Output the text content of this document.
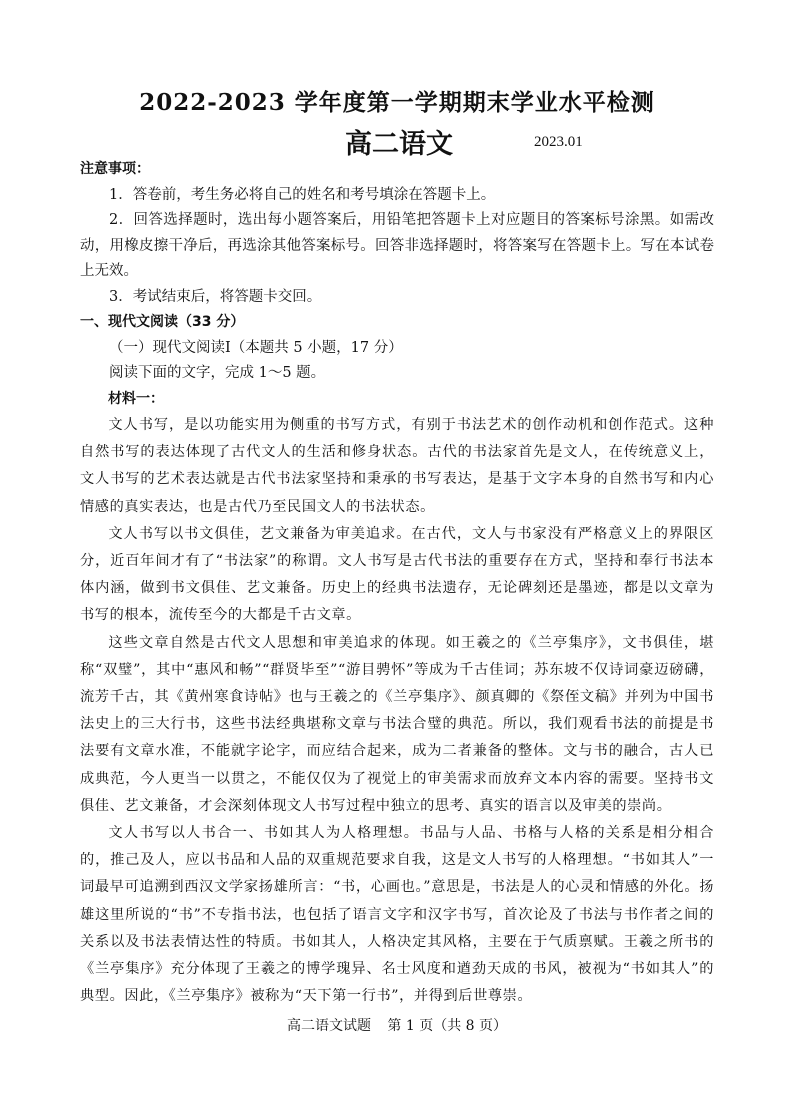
2022-2023 学年度第一学期期末学业水平检测
高二语文	2023.01

注意事项：

1．答卷前，考生务必将自己的姓名和考号填涂在答题卡上。

2．回答选择题时，选出每小题答案后，用铅笔把答题卡上对应题目的答案标号涂黑。如需改动，用橡皮擦干净后，再选涂其他答案标号。回答非选择题时，将答案写在答题卡上。写在本试卷上无效。

3．考试结束后，将答题卡交回。

一、现代文阅读（33 分）

（一）现代文阅读Ⅰ（本题共 5 小题，17 分）

阅读下面的文字，完成 1～5 题。

材料一：

文人书写，是以功能实用为侧重的书写方式，有别于书法艺术的创作动机和创作范式。这种自然书写的表达体现了古代文人的生活和修身状态。古代的书法家首先是文人，在传统意义上，文人书写的艺术表达就是古代书法家坚持和秉承的书写表达，是基于文字本身的自然书写和内心情感的真实表达，也是古代乃至民国文人的书法状态。

文人书写以书文俱佳，艺文兼备为审美追求。在古代，文人与书家没有严格意义上的界限区分，近百年间才有了“书法家”的称谓。文人书写是古代书法的重要存在方式，坚持和奉行书法本体内涵，做到书文俱佳、艺文兼备。历史上的经典书法遗存，无论碑刻还是墨迹，都是以文章为书写的根本，流传至今的大都是千古文章。

这些文章自然是古代文人思想和审美追求的体现。如王羲之的《兰亭集序》，文书俱佳，堪称“双璧”，其中“惠风和畅”“群贤毕至”“游目骋怀”等成为千古佳词；苏东坡不仅诗词豪迈磅礴，流芳千古，其《黄州寒食诗帖》也与王羲之的《兰亭集序》、颜真卿的《祭侄文稿》并列为中国书法史上的三大行书，这些书法经典堪称文章与书法合璧的典范。所以，我们观看书法的前提是书法要有文章水准，不能就字论字，而应结合起来，成为二者兼备的整体。文与书的融合，古人已成典范，今人更当一以贯之，不能仅仅为了视觉上的审美需求而放弃文本内容的需要。坚持书文俱佳、艺文兼备，才会深刻体现文人书写过程中独立的思考、真实的语言以及审美的崇尚。

文人书写以人书合一、书如其人为人格理想。书品与人品、书格与人格的关系是相分相合的，推己及人，应以书品和人品的双重规范要求自我，这是文人书写的人格理想。“书如其人”一词最早可追溯到西汉文学家扬雄所言：“书，心画也。”意思是，书法是人的心灵和情感的外化。扬雄这里所说的“书”不专指书法，也包括了语言文字和汉字书写，首次论及了书法与书作者之间的关系以及书法表情达性的特质。书如其人，人格决定其风格，主要在于气质禀赋。王羲之所书的《兰亭集序》充分体现了王羲之的博学瑰异、名士风度和遒劲天成的书风，被视为“书如其人”的典型。因此，《兰亭集序》被称为“天下第一行书”，并得到后世尊崇。

高二语文试题 第 1 页（共 8 页）
